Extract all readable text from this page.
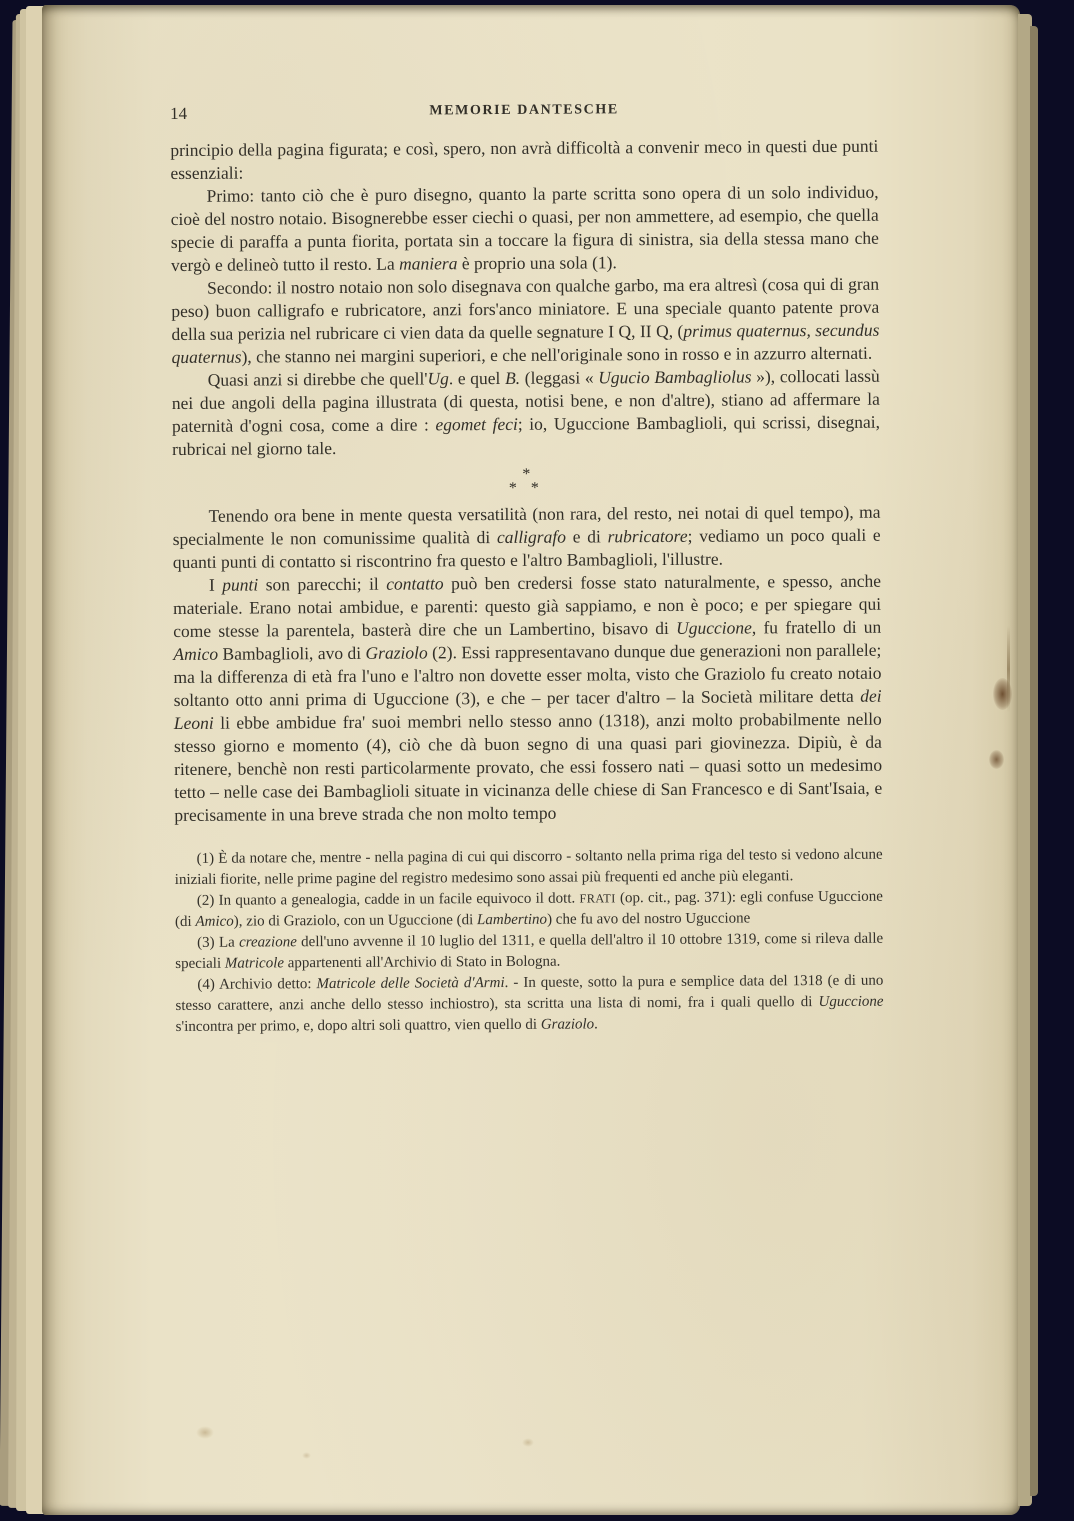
14	MEMORIE DANTESCHE

principio della pagina figurata; e così, spero, non avrà difficoltà a convenir meco in questi due punti essenziali:

Primo: tanto ciò che è puro disegno, quanto la parte scritta sono opera di un solo individuo, cioè del nostro notaio. Bisognerebbe esser ciechi o quasi, per non ammettere, ad esempio, che quella specie di paraffa a punta fiorita, portata sin a toccare la figura di sinistra, sia della stessa mano che vergò e delineò tutto il resto. La maniera è proprio una sola (1).

Secondo: il nostro notaio non solo disegnava con qualche garbo, ma era altresì (cosa qui di gran peso) buon calligrafo e rubricatore, anzi fors'anco miniatore. E una speciale quanto patente prova della sua perizia nel rubricare ci vien data da quelle segnature I Q, II Q, (primus quaternus, secundus quaternus), che stanno nei margini superiori, e che nell'originale sono in rosso e in azzurro alternati.

Quasi anzi si direbbe che quell'Ug. e quel B. (leggasi « Ugucio Bambagliolus »), collocati lassù nei due angoli della pagina illustrata (di questa, notisi bene, e non d'altre), stiano ad affermare la paternità d'ogni cosa, come a dire : egomet feci; io, Uguccione Bambaglioli, qui scrissi, disegnai, rubricai nel giorno tale.

*
* *

Tenendo ora bene in mente questa versatilità (non rara, del resto, nei notai di quel tempo), ma specialmente le non comunissime qualità di calligrafo e di rubricatore; vediamo un poco quali e quanti punti di contatto si riscontrino fra questo e l'altro Bambaglioli, l'illustre.

I punti son parecchi; il contatto può ben credersi fosse stato naturalmente, e spesso, anche materiale. Erano notai ambidue, e parenti: questo già sappiamo, e non è poco; e per spiegare qui come stesse la parentela, basterà dire che un Lambertino, bisavo di Uguccione, fu fratello di un Amico Bambaglioli, avo di Graziolo (2). Essi rappresentavano dunque due generazioni non parallele; ma la differenza di età fra l'uno e l'altro non dovette esser molta, visto che Graziolo fu creato notaio soltanto otto anni prima di Uguccione (3), e che – per tacer d'altro – la Società militare detta dei Leoni li ebbe ambidue fra' suoi membri nello stesso anno (1318), anzi molto probabilmente nello stesso giorno e momento (4), ciò che dà buon segno di una quasi pari giovinezza. Dipiù, è da ritenere, benchè non resti particolarmente provato, che essi fossero nati – quasi sotto un medesimo tetto – nelle case dei Bambaglioli situate in vicinanza delle chiese di San Francesco e di Sant'Isaia, e precisamente in una breve strada che non molto tempo

(1) È da notare che, mentre - nella pagina di cui qui discorro - soltanto nella prima riga del testo si vedono alcune iniziali fiorite, nelle prime pagine del registro medesimo sono assai più frequenti ed anche più eleganti.

(2) In quanto a genealogia, cadde in un facile equivoco il dott. FRATI (op. cit., pag. 371): egli confuse Uguccione (di Amico), zio di Graziolo, con un Uguccione (di Lambertino) che fu avo del nostro Uguccione

(3) La creazione dell'uno avvenne il 10 luglio del 1311, e quella dell'altro il 10 ottobre 1319, come si rileva dalle speciali Matricole appartenenti all'Archivio di Stato in Bologna.

(4) Archivio detto: Matricole delle Società d'Armi. - In queste, sotto la pura e semplice data del 1318 (e di uno stesso carattere, anzi anche dello stesso inchiostro), sta scritta una lista di nomi, fra i quali quello di Uguccione s'incontra per primo, e, dopo altri soli quattro, vien quello di Graziolo.
